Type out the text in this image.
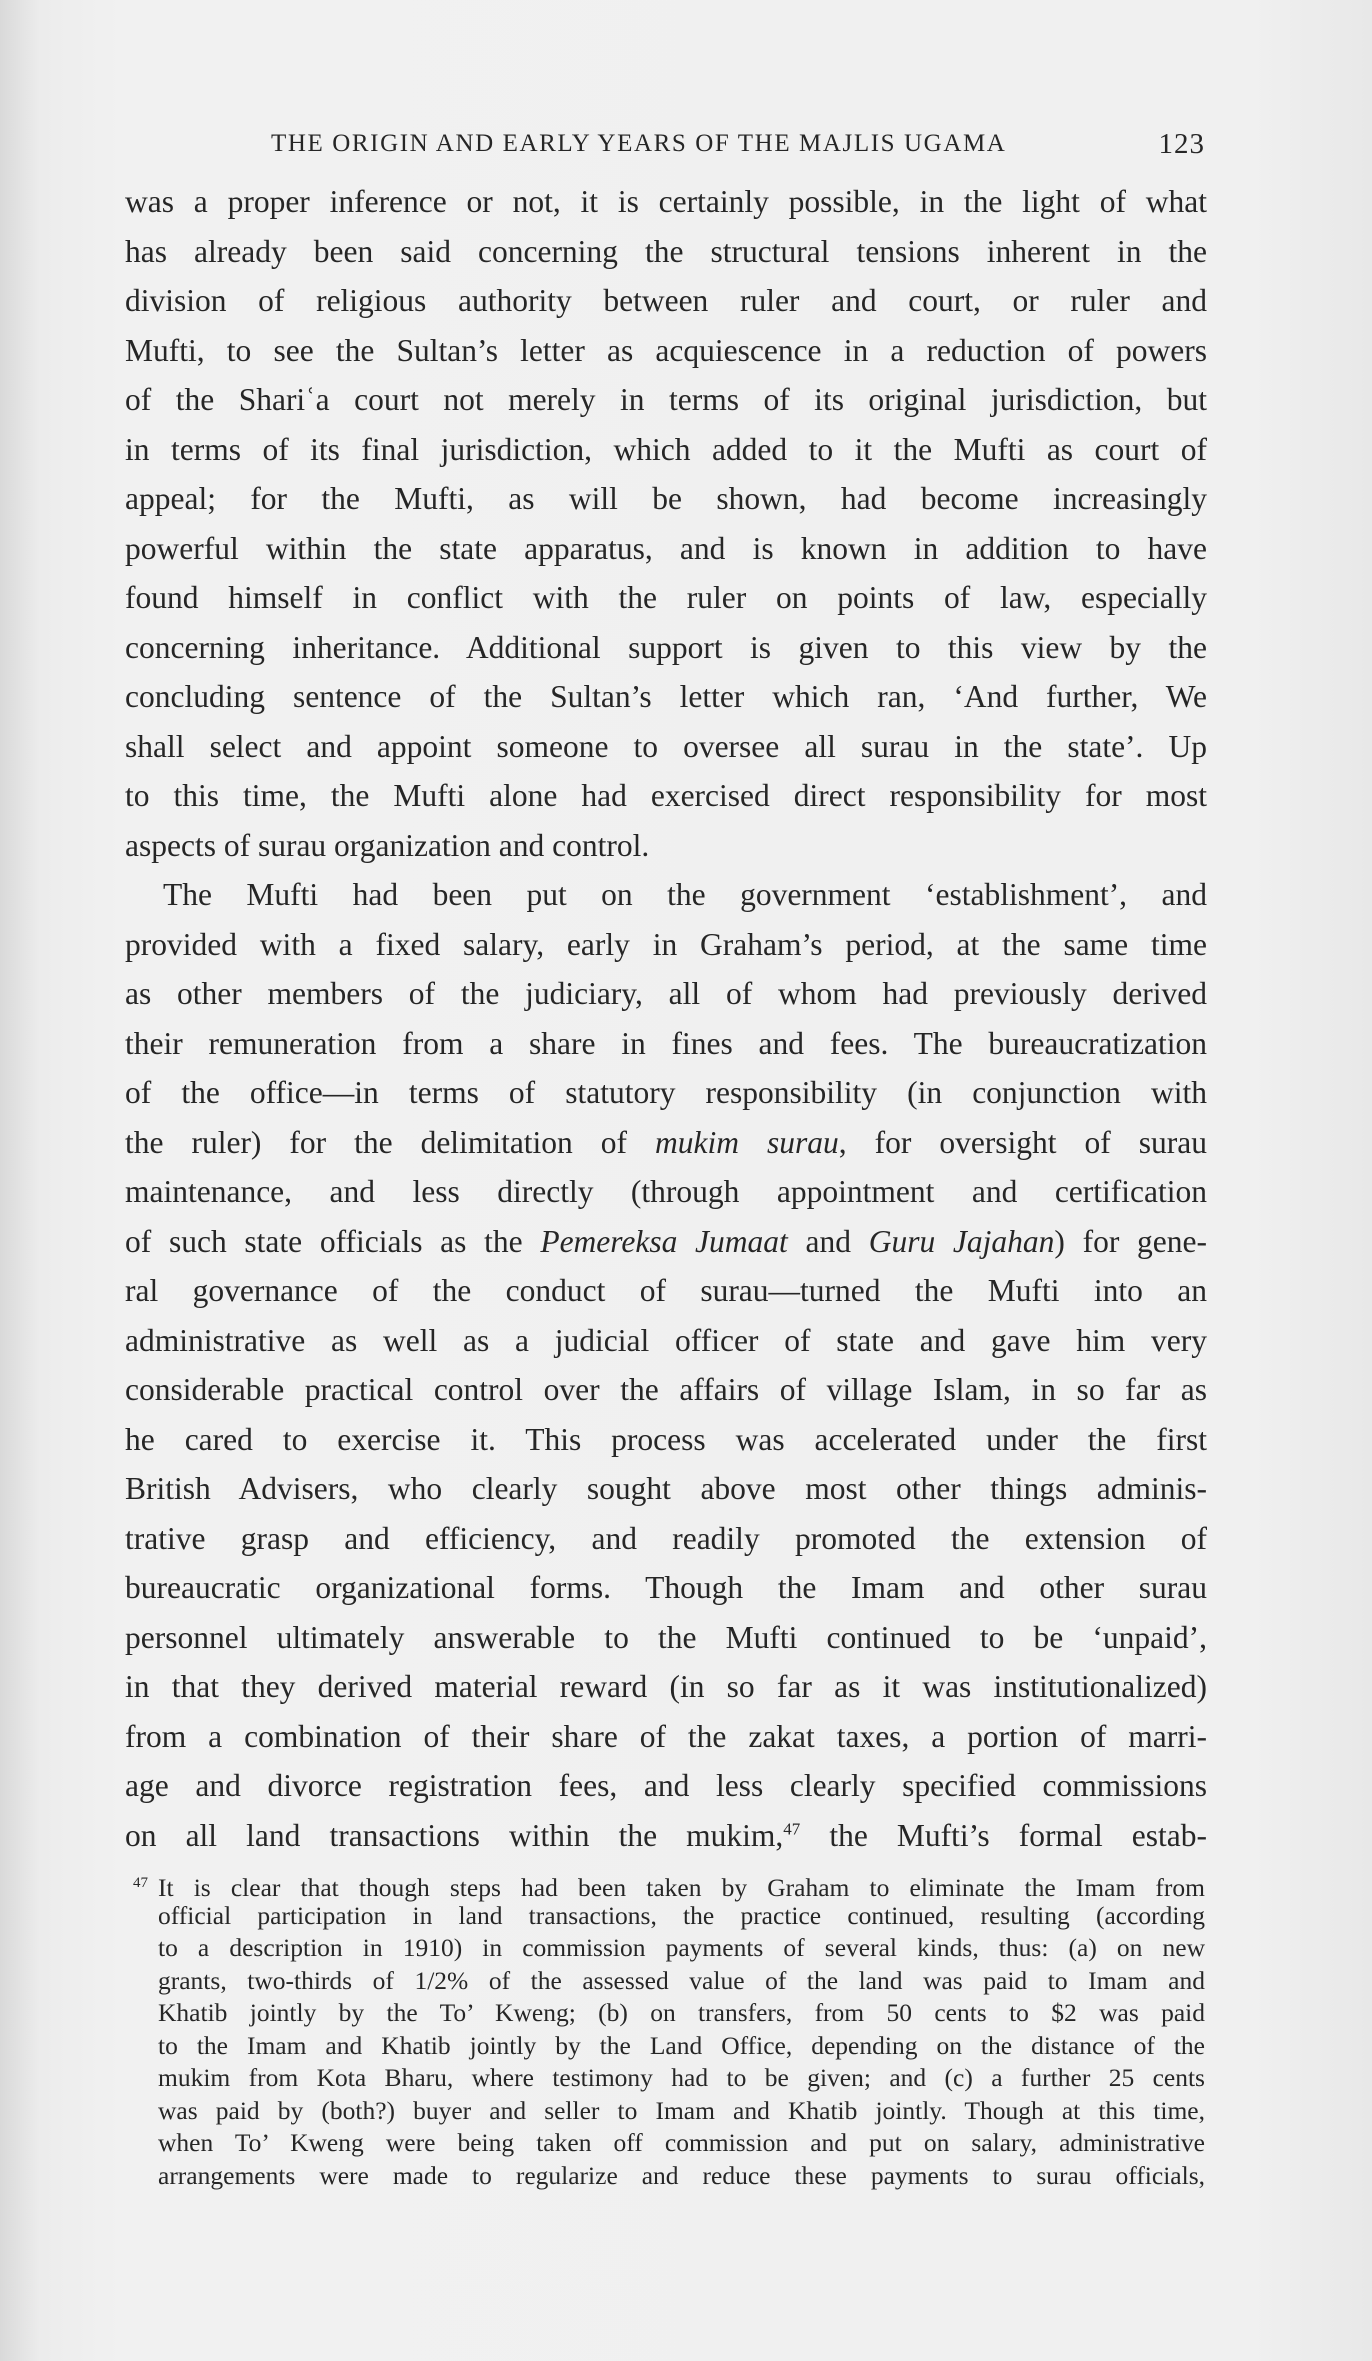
THE ORIGIN AND EARLY YEARS OF THE MAJLIS UGAMA	123
was a proper inference or not, it is certainly possible, in the light of what
has already been said concerning the structural tensions inherent in the
division of religious authority between ruler and court, or ruler and
Mufti, to see the Sultan’s letter as acquiescence in a reduction of powers
of the Shariʿa court not merely in terms of its original jurisdiction, but
in terms of its final jurisdiction, which added to it the Mufti as court of
appeal; for the Mufti, as will be shown, had become increasingly
powerful within the state apparatus, and is known in addition to have
found himself in conflict with the ruler on points of law, especially
concerning inheritance. Additional support is given to this view by the
concluding sentence of the Sultan’s letter which ran, ‘And further, We
shall select and appoint someone to oversee all surau in the state’. Up
to this time, the Mufti alone had exercised direct responsibility for most
aspects of surau organization and control.
The Mufti had been put on the government ‘establishment’, and
provided with a fixed salary, early in Graham’s period, at the same time
as other members of the judiciary, all of whom had previously derived
their remuneration from a share in fines and fees. The bureaucratization
of the office—in terms of statutory responsibility (in conjunction with
the ruler) for the delimitation of mukim surau, for oversight of surau
maintenance, and less directly (through appointment and certification
of such state officials as the Pemereksa Jumaat and Guru Jajahan) for gene-
ral governance of the conduct of surau—turned the Mufti into an
administrative as well as a judicial officer of state and gave him very
considerable practical control over the affairs of village Islam, in so far as
he cared to exercise it. This process was accelerated under the first
British Advisers, who clearly sought above most other things adminis-
trative grasp and efficiency, and readily promoted the extension of
bureaucratic organizational forms. Though the Imam and other surau
personnel ultimately answerable to the Mufti continued to be ‘unpaid’,
in that they derived material reward (in so far as it was institutionalized)
from a combination of their share of the zakat taxes, a portion of marri-
age and divorce registration fees, and less clearly specified commissions
on all land transactions within the mukim,$^{47}$ the Mufti’s formal estab-
47 It is clear that though steps had been taken by Graham to eliminate the Imam from
official participation in land transactions, the practice continued, resulting (according
to a description in 1910) in commission payments of several kinds, thus: (a) on new
grants, two-thirds of 1/2% of the assessed value of the land was paid to Imam and
Khatib jointly by the To’ Kweng; (b) on transfers, from 50 cents to $2 was paid
to the Imam and Khatib jointly by the Land Office, depending on the distance of the
mukim from Kota Bharu, where testimony had to be given; and (c) a further 25 cents
was paid by (both?) buyer and seller to Imam and Khatib jointly. Though at this time,
when To’ Kweng were being taken off commission and put on salary, administrative
arrangements were made to regularize and reduce these payments to surau officials,
